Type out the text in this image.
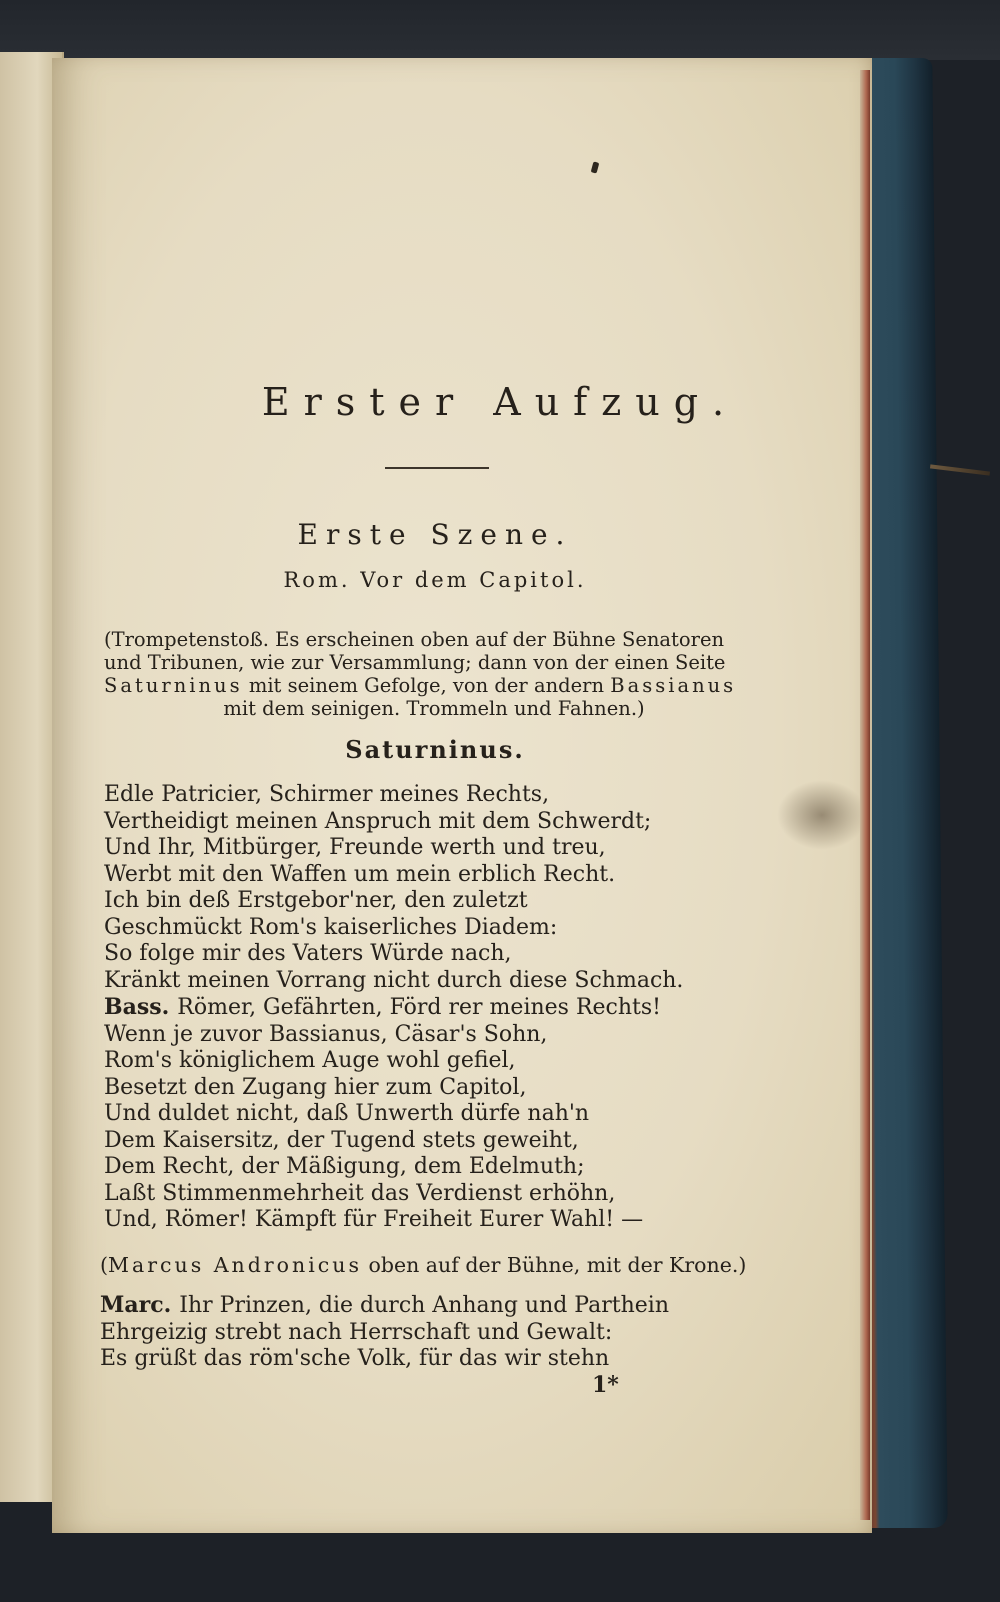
Erster Aufzug.
Erste Szene.
Rom. Vor dem Capitol.
(Trompetenstoß. Es erscheinen oben auf der Bühne Senatoren
und Tribunen, wie zur Versammlung; dann von der einen Seite
Saturninus mit seinem Gefolge, von der andern Bassianus
mit dem seinigen. Trommeln und Fahnen.)
Saturninus.
Edle Patricier, Schirmer meines Rechts,
Vertheidigt meinen Anspruch mit dem Schwerdt;
Und Ihr, Mitbürger, Freunde werth und treu,
Werbt mit den Waffen um mein erblich Recht.
Ich bin deß Erstgebor'ner, den zuletzt
Geschmückt Rom's kaiserliches Diadem:
So folge mir des Vaters Würde nach,
Kränkt meinen Vorrang nicht durch diese Schmach.
Bass. Römer, Gefährten, Förd rer meines Rechts!
Wenn je zuvor Bassianus, Cäsar's Sohn,
Rom's königlichem Auge wohl gefiel,
Besetzt den Zugang hier zum Capitol,
Und duldet nicht, daß Unwerth dürfe nah'n
Dem Kaisersitz, der Tugend stets geweiht,
Dem Recht, der Mäßigung, dem Edelmuth;
Laßt Stimmenmehrheit das Verdienst erhöhn,
Und, Römer! Kämpft für Freiheit Eurer Wahl! —
(Marcus Andronicus oben auf der Bühne, mit der Krone.)
Marc. Ihr Prinzen, die durch Anhang und Parthein
Ehrgeizig strebt nach Herrschaft und Gewalt:
Es grüßt das röm'sche Volk, für das wir stehn
1*
